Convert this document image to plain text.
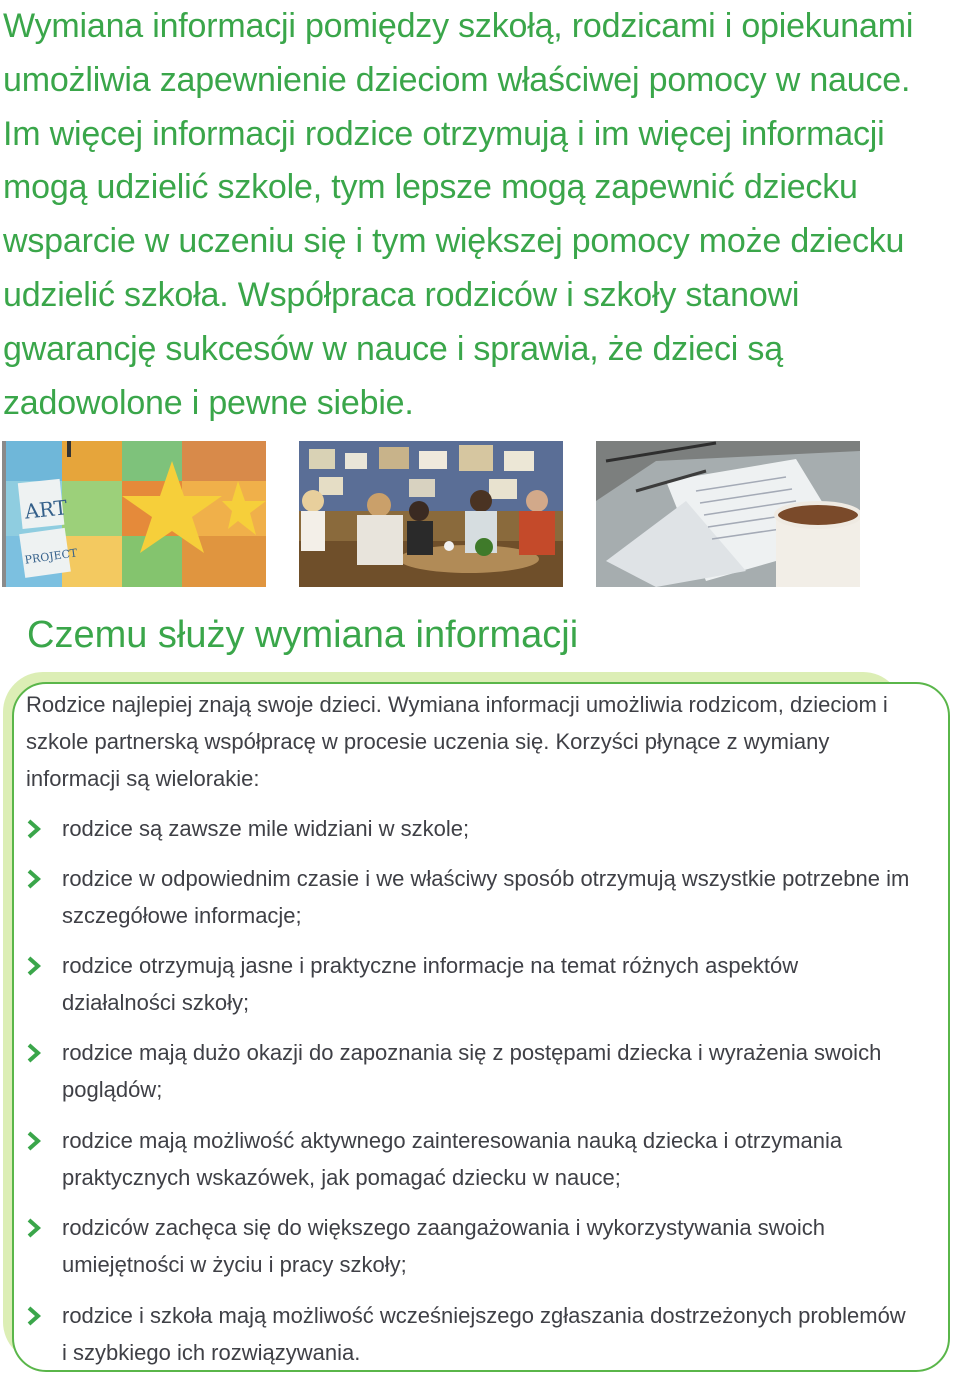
Wymiana informacji pomiędzy szkołą, rodzicami i opiekunami umożliwia zapewnienie dzieciom właściwej pomocy w nauce. Im więcej informacji rodzice otrzymują i im więcej informacji mogą udzielić szkole, tym lepsze mogą zapewnić dziecku wsparcie w uczeniu się i tym większej pomocy może dziecku udzielić szkoła. Współpraca rodziców i szkoły stanowi gwarancję sukcesów w nauce i sprawia, że dzieci są zadowolone i pewne siebie.

ART
PROJECT
Czemu służy wymiana informacji

Rodzice najlepiej znają swoje dzieci. Wymiana informacji umożliwia rodzicom, dzieciom i szkole partnerską współpracę w procesie uczenia się. Korzyści płynące z wymiany informacji są wielorakie:

rodzice są zawsze mile widziani w szkole;
rodzice w odpowiednim czasie i we właściwy sposób otrzymują wszystkie potrzebne im szczegółowe informacje;
rodzice otrzymują jasne i praktyczne informacje na temat różnych aspektów działalności szkoły;
rodzice mają dużo okazji do zapoznania się z postępami dziecka i wyrażenia swoich poglądów;
rodzice mają możliwość aktywnego zainteresowania nauką dziecka i otrzymania praktycznych wskazówek, jak pomagać dziecku w nauce;
rodziców zachęca się do większego zaangażowania i wykorzystywania swoich umiejętności w życiu i pracy szkoły;
rodzice i szkoła mają możliwość wcześniejszego zgłaszania dostrzeżonych problemów i szybkiego ich rozwiązywania.
